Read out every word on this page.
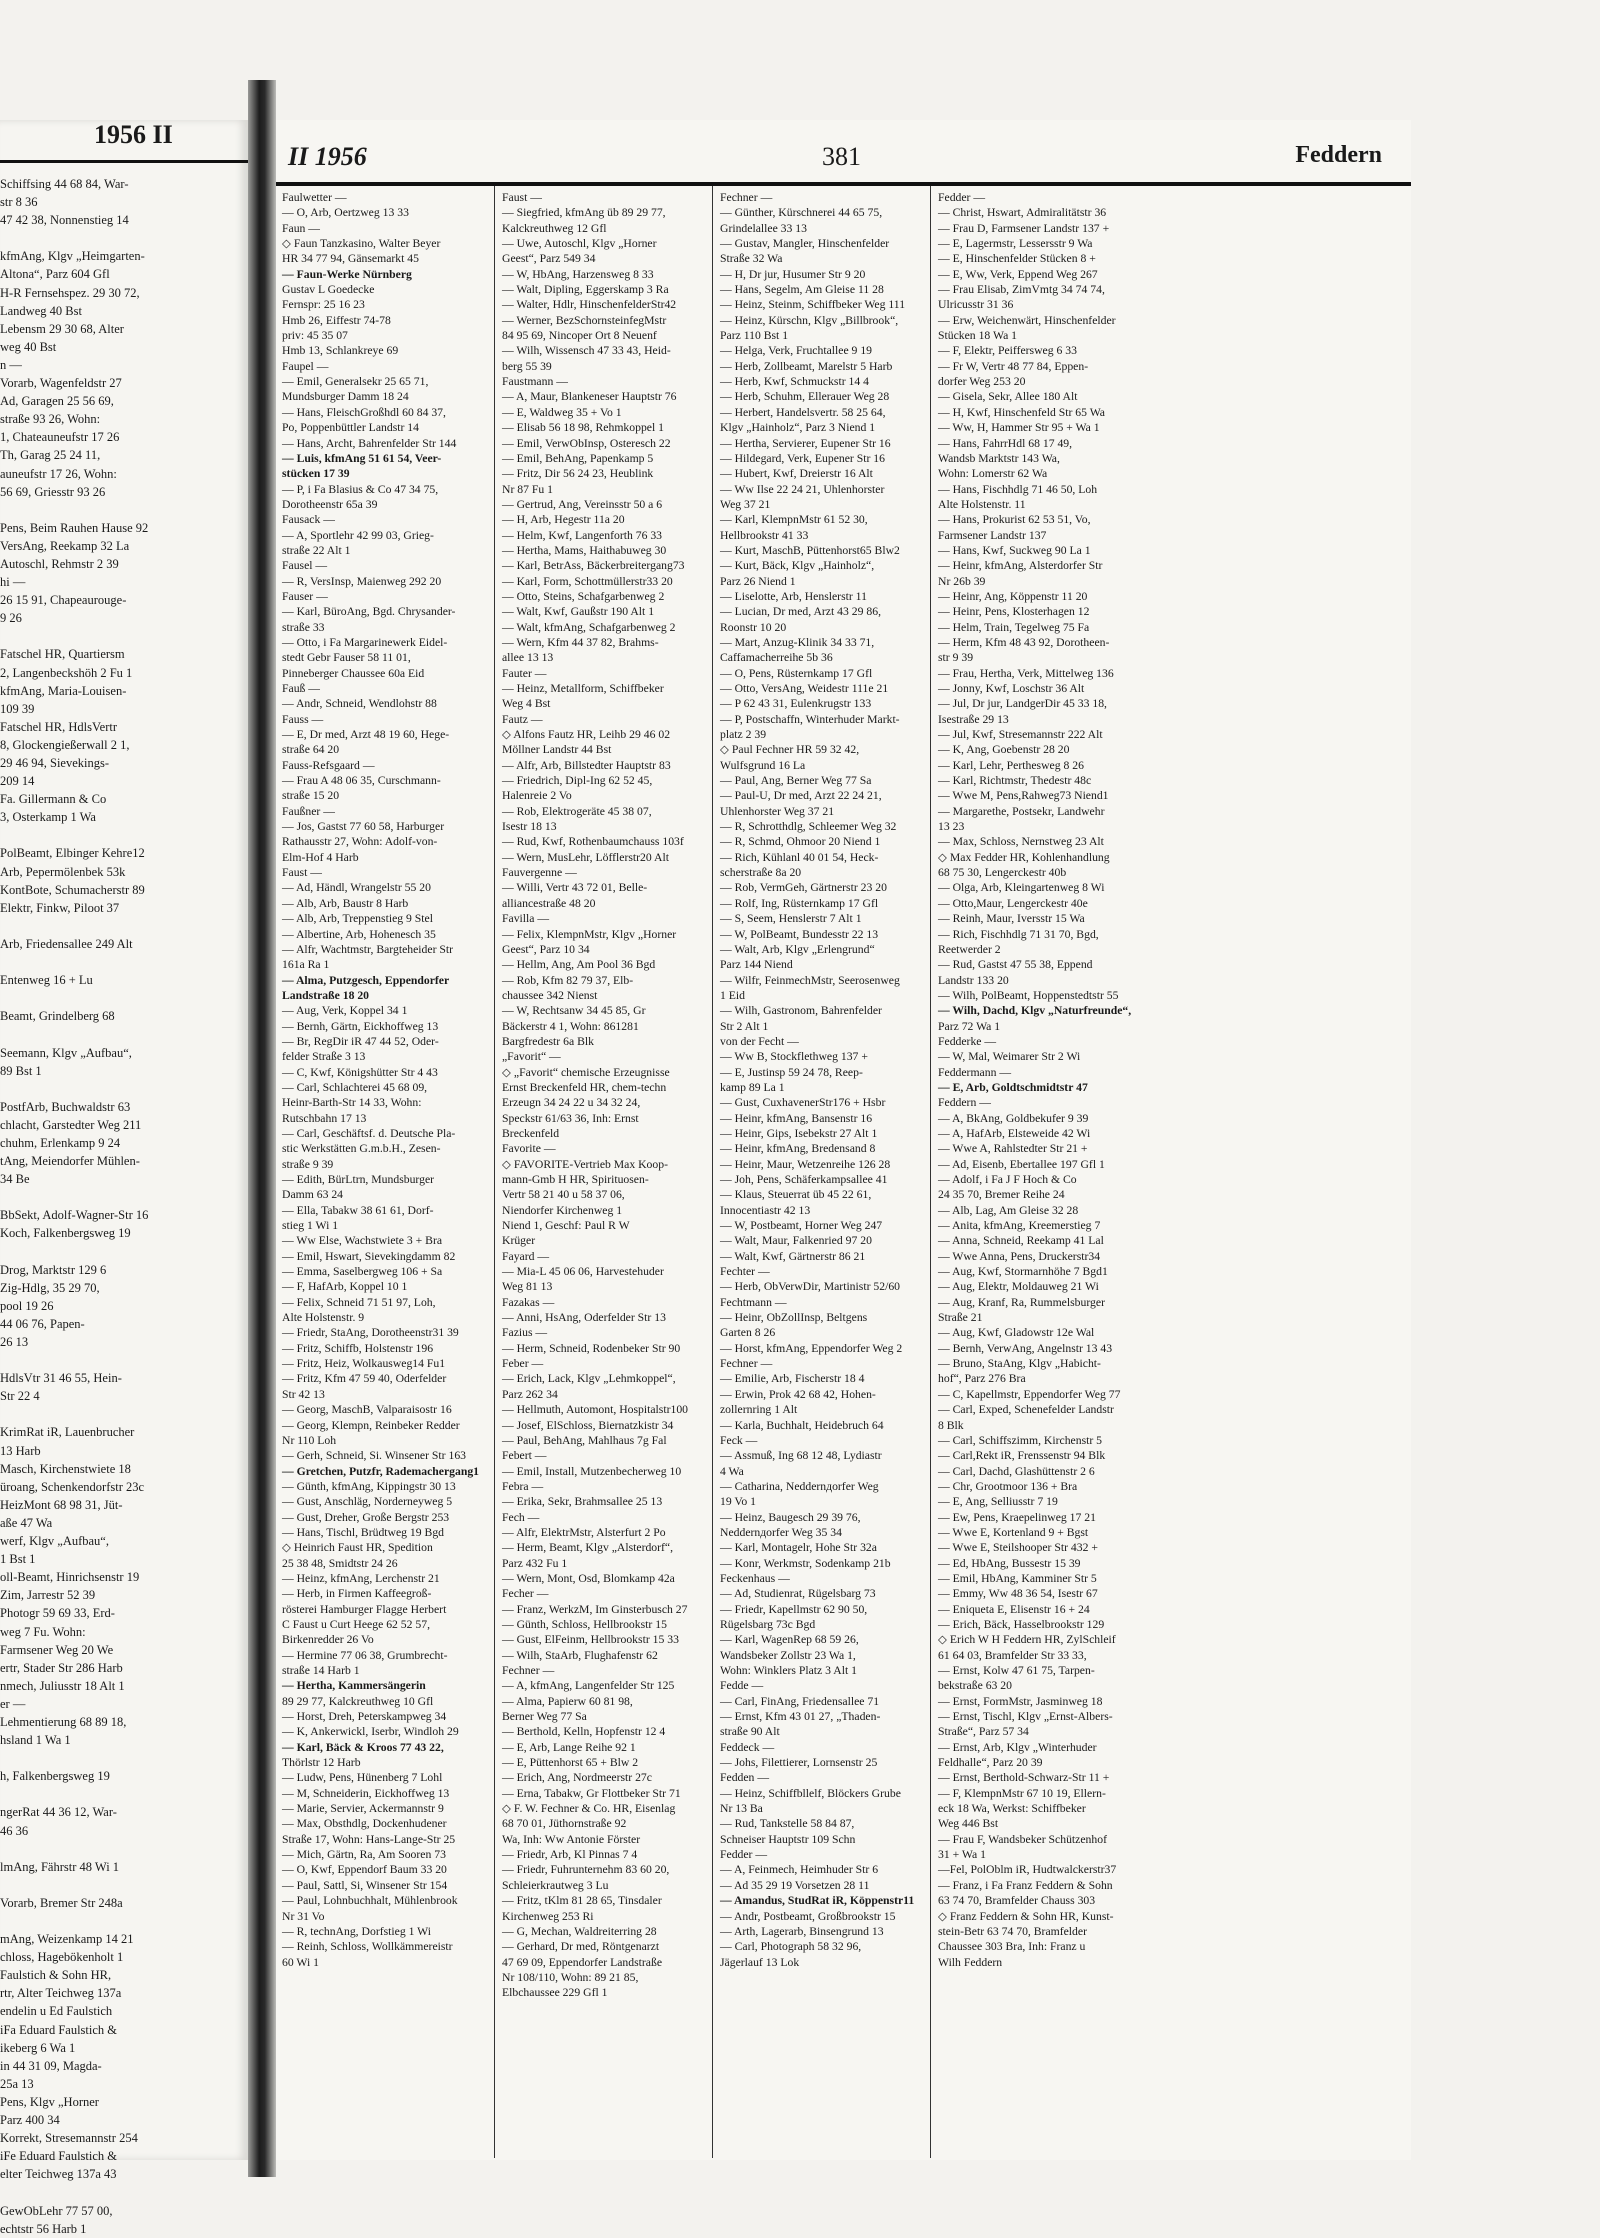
1956 II
Schiffsing 44 68 84, War-
str 8 36
47 42 38, Nonnenstieg 14

kfmAng, Klgv „Heimgarten-
Altona“, Parz 604 Gfl
H-R Fernsehspez. 29 30 72,
Landweg 40 Bst
Lebensm 29 30 68, Alter
weg 40 Bst
n —
Vorarb, Wagenfeldstr 27
Ad, Garagen 25 56 69,
straße 93 26, Wohn:
1, Chateauneufstr 17 26
Th, Garag 25 24 11,
auneufstr 17 26, Wohn:
56 69, Griesstr 93 26

Pens, Beim Rauhen Hause 92
VersAng, Reekamp 32 La
Autoschl, Rehmstr 2 39
hi —
26 15 91, Chapeaurouge-
9 26

Fatschel HR, Quartiersm
2, Langenbeckshöh 2 Fu 1
kfmAng, Maria-Louisen-
109 39
Fatschel HR, HdlsVertr
8, Glockengießerwall 2 1,
29 46 94, Sievekings-
209 14
Fa. Gillermann & Co
3, Osterkamp 1 Wa

PolBeamt, Elbinger Kehre12
Arb, Pepermölenbek 53k
KontBote, Schumacherstr 89
Elektr, Finkw, Piloot 37

Arb, Friedensallee 249 Alt

Entenweg 16 + Lu

Beamt, Grindelberg 68

Seemann, Klgv „Aufbau“,
89 Bst 1

PostfArb, Buchwaldstr 63
chlacht, Garstedter Weg 211
chuhm, Erlenkamp 9 24
tAng, Meiendorfer Mühlen-
34 Be

BbSekt, Adolf-Wagner-Str 16
Koch, Falkenbergsweg 19

Drog, Marktstr 129 6
Zig-Hdlg, 35 29 70,
pool 19 26
44 06 76, Papen-
26 13

HdlsVtr 31 46 55, Hein-
Str 22 4

KrimRat iR, Lauenbrucher
13 Harb
Masch, Kirchenstwiete 18
üroang, Schenkendorfstr 23c
HeizMont 68 98 31, Jüt-
aße 47 Wa
werf, Klgv „Aufbau“,
1 Bst 1
oll-Beamt, Hinrichsenstr 19
Zim, Jarrestr 52 39
Photogr 59 69 33, Erd-
weg 7 Fu. Wohn:
Farmsener Weg 20 We
ertr, Stader Str 286 Harb
nmech, Juliusstr 18 Alt 1
er —
Lehmentierung 68 89 18,
hsland 1 Wa 1

h, Falkenbergsweg 19

ngerRat 44 36 12, War-
46 36

lmAng, Fährstr 48 Wi 1

Vorarb, Bremer Str 248a

mAng, Weizenkamp 14 21
chloss, Hagebökenholt 1
Faulstich & Sohn HR,
rtr, Alter Teichweg 137a
endelin u Ed Faulstich
iFa Eduard Faulstich &
ikeberg 6 Wa 1
in 44 31 09, Magda-
25a 13
Pens, Klgv „Horner
Parz 400 34
Korrekt, Stresemannstr 254
iFe Eduard Faulstich &
elter Teichweg 137a 43

GewObLehr 77 57 00,
echtstr 56 Harb 1
II 1956	381	Feddern
Faulwetter —
— O, Arb, Oertzweg 13 33
Faun —
◇ Faun Tanzkasino, Walter Beyer
HR 34 77 94, Gänsemarkt 45
— Faun-Werke Nürnberg
Gustav L Goedecke
Fernspr: 25 16 23
Hmb 26, Eiffestr 74-78
priv: 45 35 07
Hmb 13, Schlankreye 69
Faupel —
— Emil, Generalsekr 25 65 71,
Mundsburger Damm 18 24
— Hans, FleischGroßhdl 60 84 37,
Po, Poppenbüttler Landstr 14
— Hans, Archt, Bahrenfelder Str 144
— Luis, kfmAng 51 61 54, Veer-
stücken 17 39
— P, i Fa Blasius & Co 47 34 75,
Dorotheenstr 65a 39
Fausack —
— A, Sportlehr 42 99 03, Grieg-
straße 22 Alt 1
Fausel —
— R, VersInsp, Maienweg 292 20
Fauser —
— Karl, BüroAng, Bgd. Chrysander-
straße 33
— Otto, i Fa Margarinewerk Eidel-
stedt Gebr Fauser 58 11 01,
Pinneberger Chaussee 60a Eid
Fauß —
— Andr, Schneid, Wendlohstr 88
Fauss —
— E, Dr med, Arzt 48 19 60, Hege-
straße 64 20
Fauss-Refsgaard —
— Frau A 48 06 35, Curschmann-
straße 15 20
Faußner —
— Jos, Gastst 77 60 58, Harburger
Rathausstr 27, Wohn: Adolf-von-
Elm-Hof 4 Harb
Faust —
— Ad, Händl, Wrangelstr 55 20
— Alb, Arb, Baustr 8 Harb
— Alb, Arb, Treppenstieg 9 Stel
— Albertine, Arb, Hohenesch 35
— Alfr, Wachtmstr, Bargteheider Str
161a Ra 1
— Alma, Putzgesch, Eppendorfer
Landstraße 18 20
— Aug, Verk, Koppel 34 1
— Bernh, Gärtn, Eickhoffweg 13
— Br, RegDir iR 47 44 52, Oder-
felder Straße 3 13
— C, Kwf, Königshütter Str 4 43
— Carl, Schlachterei 45 68 09,
Heinr-Barth-Str 14 33, Wohn:
Rutschbahn 17 13
— Carl, Geschäftsf. d. Deutsche Pla-
stic Werkstätten G.m.b.H., Zesen-
straße 9 39
— Edith, BürLtrn, Mundsburger
Damm 63 24
— Ella, Tabakw 38 61 61, Dorf-
stieg 1 Wi 1
— Ww Else, Wachstwiete 3 + Bra
— Emil, Hswart, Sievekingdamm 82
— Emma, Saselbergweg 106 + Sa
— F, HafArb, Koppel 10 1
— Felix, Schneid 71 51 97, Loh,
Alte Holstenstr. 9
— Friedr, StaAng, Dorotheenstr31 39
— Fritz, Schiffb, Holstenstr 196
— Fritz, Heiz, Wolkausweg14 Fu1
— Fritz, Kfm 47 59 40, Oderfelder
Str 42 13
— Georg, MaschB, Valparaisostr 16
— Georg, Klempn, Reinbeker Redder
Nr 110 Loh
— Gerh, Schneid, Si. Winsener Str 163
— Gretchen, Putzfr, Rademachergang1
— Günth, kfmAng, Kippingstr 30 13
— Gust, Anschläg, Norderneyweg 5
— Gust, Dreher, Große Bergstr 253
— Hans, Tischl, Brüdtweg 19 Bgd
◇ Heinrich Faust HR, Spedition
25 38 48, Smidtstr 24 26
— Heinz, kfmAng, Lerchenstr 21
— Herb, in Firmen Kaffeegroß-
rösterei Hamburger Flagge Herbert
C Faust u Curt Heege 62 52 57,
Birkenredder 26 Vo
— Hermine 77 06 38, Grumbrecht-
straße 14 Harb 1
— Hertha, Kammersängerin
89 29 77, Kalckreuthweg 10 Gfl
— Horst, Dreh, Peterskampweg 34
— K, Ankerwickl, Iserbr, Windloh 29
— Karl, Bäck & Kroos 77 43 22,
Thörlstr 12 Harb
— Ludw, Pens, Hünenberg 7 Lohl
— M, Schneiderin, Eickhoffweg 13
— Marie, Servier, Ackermannstr 9
— Max, Obsthdlg, Dockenhudener
Straße 17, Wohn: Hans-Lange-Str 25
— Mich, Gärtn, Ra, Am Sooren 73
— O, Kwf, Eppendorf Baum 33 20
— Paul, Sattl, Si, Winsener Str 154
— Paul, Lohnbuchhalt, Mühlenbrook
Nr 31 Vo
— R, technAng, Dorfstieg 1 Wi
— Reinh, Schloss, Wollkämmereistr
60 Wi 1
Faust —
— Siegfried, kfmAng üb 89 29 77,
Kalckreuthweg 12 Gfl
— Uwe, Autoschl, Klgv „Horner
Geest“, Parz 549 34
— W, HbAng, Harzensweg 8 33
— Walt, Dipling, Eggerskamp 3 Ra
— Walter, Hdlr, HinschenfelderStr42
— Werner, BezSchornsteinfegMstr
84 95 69, Nincoper Ort 8 Neuenf
— Wilh, Wissensch 47 33 43, Heid-
berg 55 39
Faustmann —
— A, Maur, Blankeneser Hauptstr 76
— E, Waldweg 35 + Vo 1
— Elisab 56 18 98, Rehmkoppel 1
— Emil, VerwObInsp, Osteresch 22
— Emil, BehAng, Papenkamp 5
— Fritz, Dir 56 24 23, Heublink
Nr 87 Fu 1
— Gertrud, Ang, Vereinsstr 50 a 6
— H, Arb, Hegestr 11a 20
— Helm, Kwf, Langenforth 76 33
— Hertha, Mams, Haithabuweg 30
— Karl, BetrAss, Bäckerbreitergang73
— Karl, Form, Schottmüllerstr33 20
— Otto, Steins, Schafgarbenweg 2
— Walt, Kwf, Gaußstr 190 Alt 1
— Walt, kfmAng, Schafgarbenweg 2
— Wern, Kfm 44 37 82, Brahms-
allee 13 13
Fauter —
— Heinz, Metallform, Schiffbeker
Weg 4 Bst
Fautz —
◇ Alfons Fautz HR, Leihb 29 46 02
Möllner Landstr 44 Bst
— Alfr, Arb, Billstedter Hauptstr 83
— Friedrich, Dipl-Ing 62 52 45,
Halenreie 2 Vo
— Rob, Elektrogeräte 45 38 07,
Isestr 18 13
— Rud, Kwf, Rothenbaumchauss 103f
— Wern, MusLehr, Löfflerstr20 Alt
Fauvergenne —
— Willi, Vertr 43 72 01, Belle-
alliancestraße 48 20
Favilla —
— Felix, KlempnMstr, Klgv „Horner
Geest“, Parz 10 34
— Hellm, Ang, Am Pool 36 Bgd
— Rob, Kfm 82 79 37, Elb-
chaussee 342 Nienst
— W, Rechtsanw 34 45 85, Gr
Bäckerstr 4 1, Wohn: 861281
Bargfredestr 6a Blk
„Favorit“ —
◇ „Favorit“ chemische Erzeugnisse
Ernst Breckenfeld HR, chem-techn
Erzeugn 34 24 22 u 34 32 24,
Speckstr 61/63 36, Inh: Ernst
Breckenfeld
Favorite —
◇ FAVORITE-Vertrieb Max Koop-
mann-Gmb H HR, Spirituosen-
Vertr 58 21 40 u 58 37 06,
Niendorfer Kirchenweg 1
Niend 1, Geschf: Paul R W
Krüger
Fayard —
— Mia-L 45 06 06, Harvestehuder
Weg 81 13
Fazakas —
— Anni, HsAng, Oderfelder Str 13
Fazius —
— Herm, Schneid, Rodenbeker Str 90
Feber —
— Erich, Lack, Klgv „Lehmkoppel“,
Parz 262 34
— Hellmuth, Automont, Hospitalstr100
— Josef, ElSchloss, Biernatzkistr 34
— Paul, BehAng, Mahlhaus 7g Fal
Febert —
— Emil, Install, Mutzenbecherweg 10
Febra —
— Erika, Sekr, Brahmsallee 25 13
Fech —
— Alfr, ElektrMstr, Alsterfurt 2 Po
— Herm, Beamt, Klgv „Alsterdorf“,
Parz 432 Fu 1
— Wern, Mont, Osd, Blomkamp 42a
Fecher —
— Franz, WerkzM, Im Ginsterbusch 27
— Günth, Schloss, Hellbrookstr 15
— Gust, ElFeinm, Hellbrookstr 15 33
— Wilh, StaArb, Flughafenstr 62
Fechner —
— A, kfmAng, Langenfelder Str 125
— Alma, Papierw 60 81 98,
Berner Weg 77 Sa
— Berthold, Kelln, Hopfenstr 12 4
— E, Arb, Lange Reihe 92 1
— E, Püttenhorst 65 + Blw 2
— Erich, Ang, Nordmeerstr 27c
— Erna, Tabakw, Gr Flottbeker Str 71
◇ F. W. Fechner & Co. HR, Eisenlag
68 70 01, Jüthornstraße 92
Wa, Inh: Ww Antonie Förster
— Friedr, Arb, Kl Pinnas 7 4
— Friedr, Fuhrunternehm 83 60 20,
Schleierkrautweg 3 Lu
— Fritz, tKlm 81 28 65, Tinsdaler
Kirchenweg 253 Ri
— G, Mechan, Waldreiterring 28
— Gerhard, Dr med, Röntgenarzt
47 69 09, Eppendorfer Landstraße
Nr 108/110, Wohn: 89 21 85,
Elbchaussee 229 Gfl 1
Fechner —
— Günther, Kürschnerei 44 65 75,
Grindelallee 33 13
— Gustav, Mangler, Hinschenfelder
Straße 32 Wa
— H, Dr jur, Husumer Str 9 20
— Hans, Segelm, Am Gleise 11 28
— Heinz, Steinm, Schiffbeker Weg 111
— Heinz, Kürschn, Klgv „Billbrook“,
Parz 110 Bst 1
— Helga, Verk, Fruchtallee 9 19
— Herb, Zollbeamt, Marelstr 5 Harb
— Herb, Kwf, Schmuckstr 14 4
— Herb, Schuhm, Ellerauer Weg 28
— Herbert, Handelsvertr. 58 25 64,
Klgv „Hainholz“, Parz 3 Niend 1
— Hertha, Servierer, Eupener Str 16
— Hildegard, Verk, Eupener Str 16
— Hubert, Kwf, Dreierstr 16 Alt
— Ww Ilse 22 24 21, Uhlenhorster
Weg 37 21
— Karl, KlempnMstr 61 52 30,
Hellbrookstr 41 33
— Kurt, MaschB, Püttenhorst65 Blw2
— Kurt, Bäck, Klgv „Hainholz“,
Parz 26 Niend 1
— Liselotte, Arb, Henslerstr 11
— Lucian, Dr med, Arzt 43 29 86,
Roonstr 10 20
— Mart, Anzug-Klinik 34 33 71,
Caffamacherreihe 5b 36
— O, Pens, Rüsternkamp 17 Gfl
— Otto, VersAng, Weidestr 111e 21
— P 62 43 31, Eulenkrugstr 133
— P, Postschaffn, Winterhuder Markt-
platz 2 39
◇ Paul Fechner HR 59 32 42,
Wulfsgrund 16 La
— Paul, Ang, Berner Weg 77 Sa
— Paul-U, Dr med, Arzt 22 24 21,
Uhlenhorster Weg 37 21
— R, Schrotthdlg, Schleemer Weg 32
— R, Schmd, Ohmoor 20 Niend 1
— Rich, Kühlanl 40 01 54, Heck-
scherstraße 8a 20
— Rob, VermGeh, Gärtnerstr 23 20
— Rolf, Ing, Rüsternkamp 17 Gfl
— S, Seem, Henslerstr 7 Alt 1
— W, PolBeamt, Bundesstr 22 13
— Walt, Arb, Klgv „Erlengrund“
Parz 144 Niend
— Wilfr, FeinmechMstr, Seerosenweg
1 Eid
— Wilh, Gastronom, Bahrenfelder
Str 2 Alt 1
von der Fecht —
— Ww B, Stockflethweg 137 +
— E, Justinsp 59 24 78, Reep-
kamp 89 La 1
— Gust, CuxhavenerStr176 + Hsbr
— Heinr, kfmAng, Bansenstr 16
— Heinr, Gips, Isebekstr 27 Alt 1
— Heinr, kfmAng, Bredensand 8
— Heinr, Maur, Wetzenreihe 126 28
— Joh, Pens, Schäferkampsallee 41
— Klaus, Steuerrat üb 45 22 61,
Innocentiastr 42 13
— W, Postbeamt, Horner Weg 247
— Walt, Maur, Falkenried 97 20
— Walt, Kwf, Gärtnerstr 86 21
Fechter —
— Herb, ObVerwDir, Martinistr 52/60
Fechtmann —
— Heinr, ObZollInsp, Beltgens
Garten 8 26
— Horst, kfmAng, Eppendorfer Weg 2
Fechner —
— Emilie, Arb, Fischerstr 18 4
— Erwin, Prok 42 68 42, Hohen-
zollernring 1 Alt
— Karla, Buchhalt, Heidebruch 64
Feck —
— Assmuß, Ing 68 12 48, Lydiastr
4 Wa
— Catharina, Neddernдorfer Weg
19 Vo 1
— Heinz, Baugesch 29 39 76,
Neddernдorfer Weg 35 34
— Karl, Montagelr, Hohe Str 32a
— Konr, Werkmstr, Sodenkamp 21b
Feckenhaus —
— Ad, Studienrat, Rügelsbarg 73
— Friedr, Kapellmstr 62 90 50,
Rügelsbarg 73c Bgd
— Karl, WagenRep 68 59 26,
Wandsbeker Zollstr 23 Wa 1,
Wohn: Winklers Platz 3 Alt 1
Fedde —
— Carl, FinAng, Friedensallee 71
— Ernst, Kfm 43 01 27, „Thaden-
straße 90 Alt
Feddeck —
— Johs, Filettierer, Lornsenstr 25
Fedden —
— Heinz, Schiffbllelf, Blöckers Grube
Nr 13 Ba
— Rud, Tankstelle 58 84 87,
Schneiser Hauptstr 109 Schn
Fedder —
— A, Feinmech, Heimhuder Str 6
— Ad 35 29 19 Vorsetzen 28 11
— Amandus, StudRat iR, Köppenstr11
— Andr, Postbeamt, Großbrookstr 15
— Arth, Lagerarb, Binsengrund 13
— Carl, Photograph 58 32 96,
Jägerlauf 13 Lok
Fedder —
— Christ, Hswart, Admiralitätstr 36
— Frau D, Farmsener Landstr 137 +
— E, Lagermstr, Lessersstr 9 Wa
— E, Hinschenfelder Stücken 8 +
— E, Ww, Verk, Eppend Weg 267
— Frau Elisab, ZimVmtg 34 74 74,
Ulricusstr 31 36
— Erw, Weichenwärt, Hinschenfelder
Stücken 18 Wa 1
— F, Elektr, Peiffersweg 6 33
— Fr W, Vertr 48 77 84, Eppen-
dorfer Weg 253 20
— Gisela, Sekr, Allee 180 Alt
— H, Kwf, Hinschenfeld Str 65 Wa
— Ww, H, Hammer Str 95 + Wa 1
— Hans, FahrrHdl 68 17 49,
Wandsb Marktstr 143 Wa,
Wohn: Lomerstr 62 Wa
— Hans, Fischhdlg 71 46 50, Loh
Alte Holstenstr. 11
— Hans, Prokurist 62 53 51, Vo,
Farmsener Landstr 137
— Hans, Kwf, Suckweg 90 La 1
— Heinr, kfmAng, Alsterdorfer Str
Nr 26b 39
— Heinr, Ang, Köppenstr 11 20
— Heinr, Pens, Klosterhagen 12
— Helm, Train, Tegelweg 75 Fa
— Herm, Kfm 48 43 92, Dorotheen-
str 9 39
— Frau, Hertha, Verk, Mittelweg 136
— Jonny, Kwf, Loschstr 36 Alt
— Jul, Dr jur, LandgerDir 45 33 18,
Isestraße 29 13
— Jul, Kwf, Stresemannstr 222 Alt
— K, Ang, Goebenstr 28 20
— Karl, Lehr, Perthesweg 8 26
— Karl, Richtmstr, Thedestr 48c
— Wwe M, Pens,Rahweg73 Niend1
— Margarethe, Postsekr, Landwehr
13 23
— Max, Schloss, Nernstweg 23 Alt
◇ Max Fedder HR, Kohlenhandlung
68 75 30, Lengerckestr 40b
— Olga, Arb, Kleingartenweg 8 Wi
— Otto,Maur, Lengerckestr 40e
— Reinh, Maur, Iversstr 15 Wa
— Rich, Fischhdlg 71 31 70, Bgd,
Reetwerder 2
— Rud, Gastst 47 55 38, Eppend
Landstr 133 20
— Wilh, PolBeamt, Hoppenstedtstr 55
— Wilh, Dachd, Klgv „Naturfreunde“,
Parz 72 Wa 1
Fedderke —
— W, Mal, Weimarer Str 2 Wi
Feddermann —
— E, Arb, Goldtschmidtstr 47
Feddern —
— A, BkAng, Goldbekufer 9 39
— A, HafArb, Elsteweide 42 Wi
— Wwe A, Rahlstedter Str 21 +
— Ad, Eisenb, Ebertallee 197 Gfl 1
— Adolf, i Fa J F Hoch & Co
24 35 70, Bremer Reihe 24
— Alb, Lag, Am Gleise 32 28
— Anita, kfmAng, Kreemerstieg 7
— Anna, Schneid, Reekamp 41 Lal
— Wwe Anna, Pens, Druckerstr34
— Aug, Kwf, Stormarnhöhe 7 Bgd1
— Aug, Elektr, Moldauweg 21 Wi
— Aug, Kranf, Ra, Rummelsburger
Straße 21
— Aug, Kwf, Gladowstr 12e Wal
— Bernh, VerwAng, Angelnstr 13 43
— Bruno, StaAng, Klgv „Habicht-
hof“, Parz 276 Bra
— C, Kapellmstr, Eppendorfer Weg 77
— Carl, Exped, Schenefelder Landstr
8 Blk
— Carl, Schiffszimm, Kirchenstr 5
— Carl,Rekt iR, Frenssenstr 94 Blk
— Carl, Dachd, Glashüttenstr 2 6
— Chr, Grootmoor 136 + Bra
— E, Ang, Selliusstr 7 19
— Ew, Pens, Kraepelinweg 17 21
— Wwe E, Kortenland 9 + Bgst
— Wwe E, Steilshooper Str 432 +
— Ed, HbAng, Bussestr 15 39
— Emil, HbAng, Kamminer Str 5
— Emmy, Ww 48 36 54, Isestr 67
— Eniqueta E, Elisenstr 16 + 24
— Erich, Bäck, Hasselbrookstr 129
◇ Erich W H Feddern HR, ZylSchleif
61 64 03, Bramfelder Str 33 33,
— Ernst, Kolw 47 61 75, Tarpen-
bekstraße 63 20
— Ernst, FormMstr, Jasminweg 18
— Ernst, Tischl, Klgv „Ernst-Albers-
Straße“, Parz 57 34
— Ernst, Arb, Klgv „Winterhuder
Feldhalle“, Parz 20 39
— Ernst, Berthold-Schwarz-Str 11 +
— F, KlempnMstr 67 10 19, Ellern-
eck 18 Wa, Werkst: Schiffbeker
Weg 446 Bst
— Frau F, Wandsbeker Schützenhof
31 + Wa 1
—Fel, PolOblm iR, Hudtwalckerstr37
— Franz, i Fa Franz Feddern & Sohn
63 74 70, Bramfelder Chauss 303
◇ Franz Feddern & Sohn HR, Kunst-
stein-Betr 63 74 70, Bramfelder
Chaussee 303 Bra, Inh: Franz u
Wilh Feddern
